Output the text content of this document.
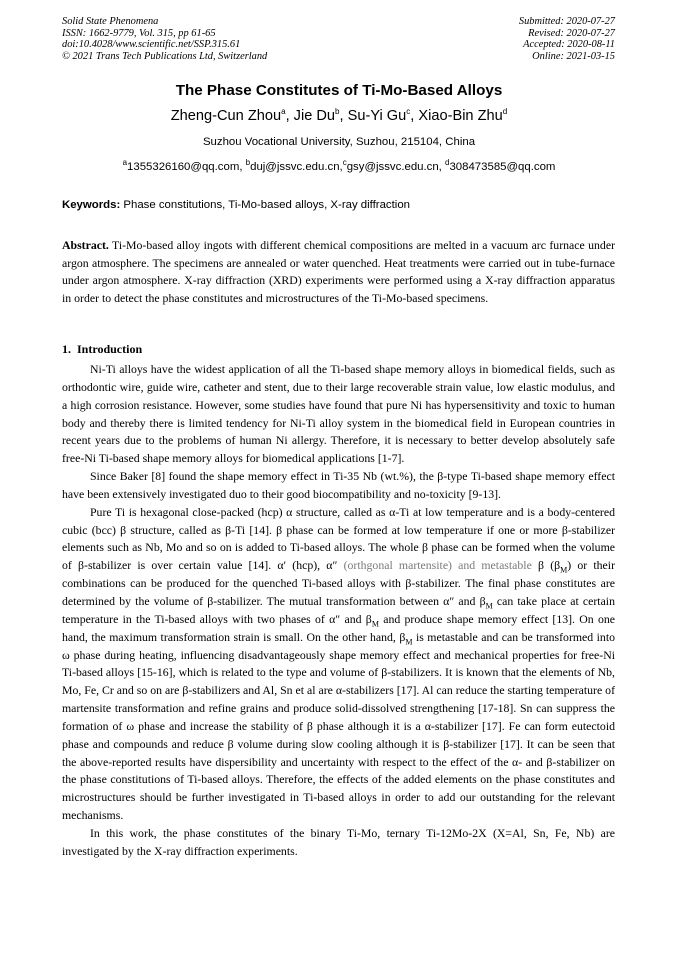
Solid State Phenomena
ISSN: 1662-9779, Vol. 315, pp 61-65
doi:10.4028/www.scientific.net/SSP.315.61
© 2021 Trans Tech Publications Ltd, Switzerland
Submitted: 2020-07-27
Revised: 2020-07-27
Accepted: 2020-08-11
Online: 2021-03-15
The Phase Constitutes of Ti-Mo-Based Alloys
Zheng-Cun Zhou$^a$, Jie Du$^b$, Su-Yi Gu$^c$, Xiao-Bin Zhu$^d$
Suzhou Vocational University, Suzhou, 215104, China
$^a$1355326160@qq.com, $^b$duj@jssvc.edu.cn,$^c$gsy@jssvc.edu.cn, $^d$308473585@qq.com
Keywords: Phase constitutions, Ti-Mo-based alloys, X-ray diffraction
Abstract. Ti-Mo-based alloy ingots with different chemical compositions are melted in a vacuum arc furnace under argon atmosphere. The specimens are annealed or water quenched. Heat treatments were carried out in tube-furnace under argon atmosphere. X-ray diffraction (XRD) experiments were performed using a X-ray diffraction apparatus in order to detect the phase constitutes and microstructures of the Ti-Mo-based specimens.
1. Introduction

Ni-Ti alloys have the widest application of all the Ti-based shape memory alloys in biomedical fields, such as orthodontic wire, guide wire, catheter and stent, due to their large recoverable strain value, low elastic modulus, and a high corrosion resistance. However, some studies have found that pure Ni has hypersensitivity and toxic to human body and thereby there is limited tendency for Ni-Ti alloy system in the biomedical field in European countries in recent years due to the problems of human Ni allergy. Therefore, it is necessary to better develop absolutely safe free-Ni Ti-based shape memory alloys for biomedical applications [1-7].

Since Baker [8] found the shape memory effect in Ti-35 Nb (wt.%), the β-type Ti-based shape memory effect have been extensively investigated duo to their good biocompatibility and no-toxicity [9-13].

Pure Ti is hexagonal close-packed (hcp) α structure, called as α-Ti at low temperature and is a body-centered cubic (bcc) β structure, called as β-Ti [14]. β phase can be formed at low temperature if one or more β-stabilizer elements such as Nb, Mo and so on is added to Ti-based alloys. The whole β phase can be formed when the volume of β-stabilizer is over certain value [14]. α′ (hcp), α″ (orthgonal martensite) and metastable β $(\beta_M)$ or their combinations can be produced for the quenched Ti-based alloys with β-stabilizer. The final phase constitutes are determined by the volume of β-stabilizer. The mutual transformation between α″ and $\beta_M$ can take place at certain temperature in the Ti-based alloys with two phases of α″ and $\beta_M$ and produce shape memory effect [13]. On one hand, the maximum transformation strain is small. On the other hand, $\beta_M$ is metastable and can be transformed into ω phase during heating, influencing disadvantageously shape memory effect and mechanical properties for free-Ni Ti-based alloys [15-16], which is related to the type and volume of β-stabilizers. It is known that the elements of Nb, Mo, Fe, Cr and so on are β-stabilizers and Al, Sn et al are α-stabilizers [17]. Al can reduce the starting temperature of martensite transformation and refine grains and produce solid-dissolved strengthening [17-18]. Sn can suppress the formation of ω phase and increase the stability of β phase although it is a α-stabilizer [17]. Fe can form eutectoid phase and compounds and reduce β volume during slow cooling although it is β-stabilizer [17]. It can be seen that the above-reported results have dispersibility and uncertainty with respect to the effect of the α- and β-stabilizer on the phase constitutions of Ti-based alloys. Therefore, the effects of the added elements on the phase constitutes and microstructures should be further investigated in Ti-based alloys in order to add our outstanding for the relevant mechanisms.

In this work, the phase constitutes of the binary Ti-Mo, ternary Ti-12Mo-2X (X=Al, Sn, Fe, Nb) are investigated by the X-ray diffraction experiments.
